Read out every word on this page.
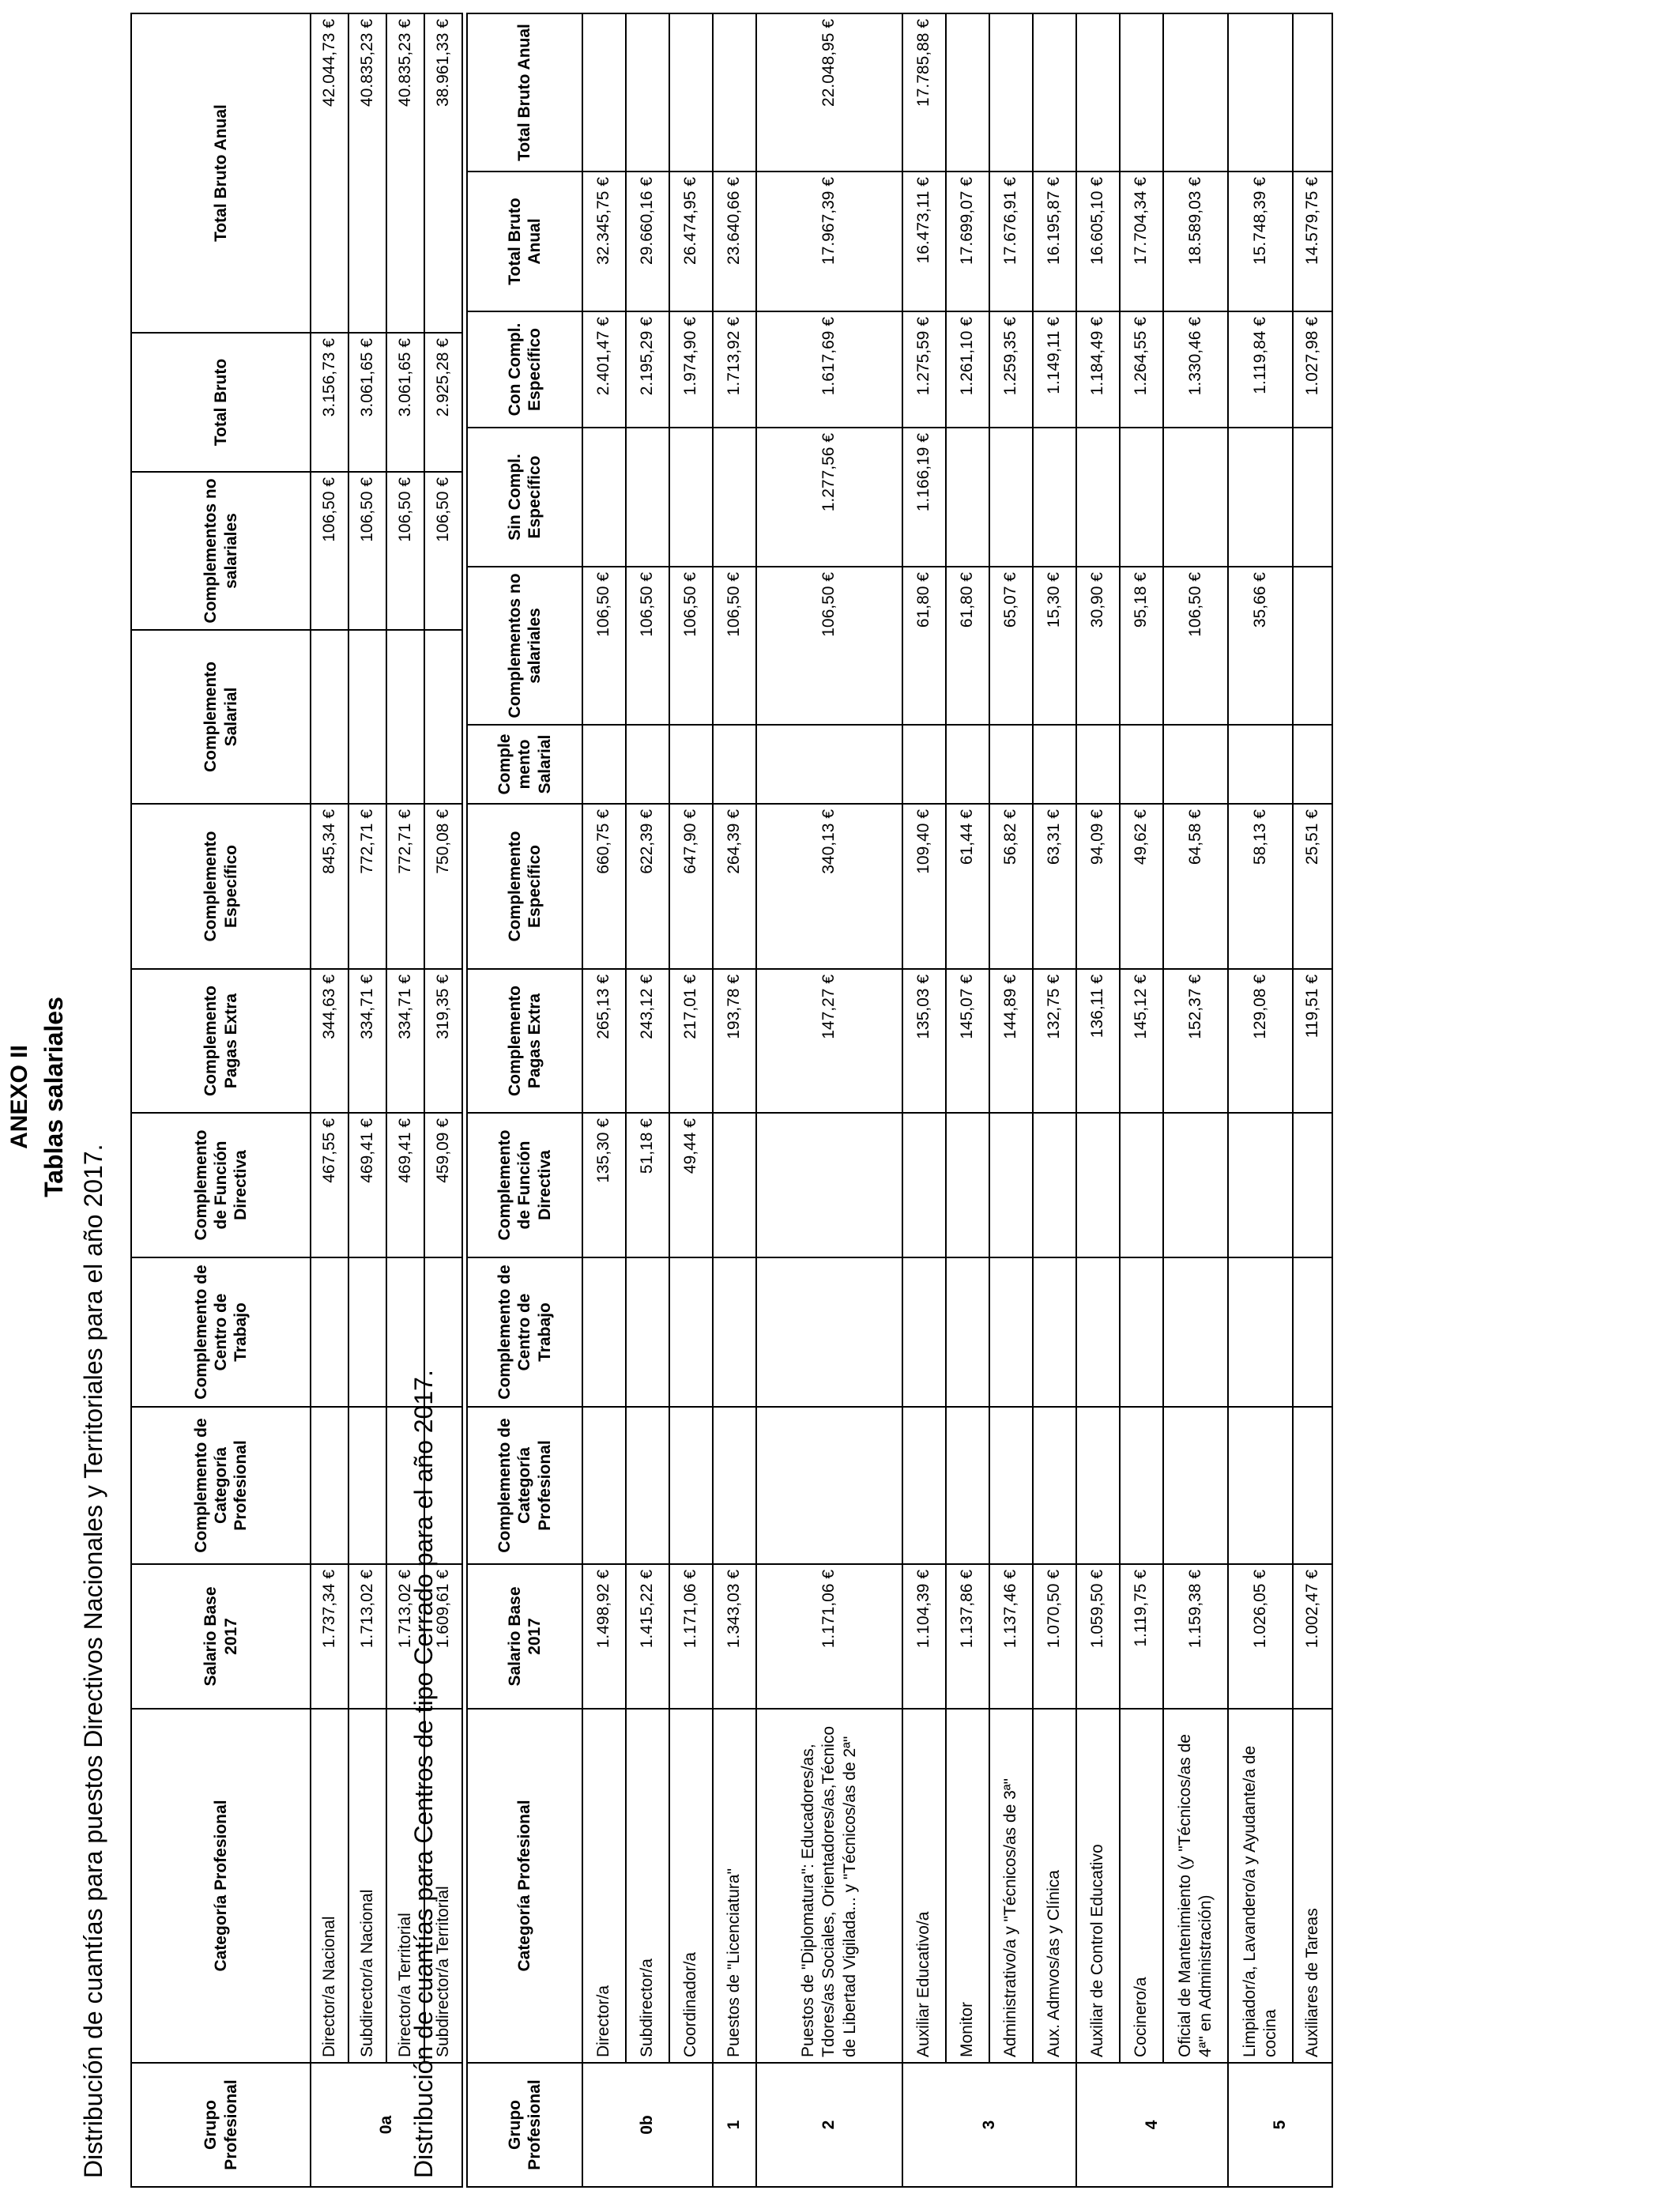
ANEXO II Tablas salariales
Distribución de cuantías para puestos Directivos Nacionales y Territoriales para el año 2017.	Grupo Profesional	Categoría Profesional	Salario Base 2017	Complemento de Categoría Profesional	Complemento de Centro de Trabajo	Complemento de Función Directiva	Complemento Pagas Extra	Complemento Específico	Complemento Salarial	Complementos no salariales	Total Bruto	Total Bruto Anual
0a	Director/a Nacional	1.737,34 €			467,55 €	344,63 €	845,34 €		106,50 €	3.156,73 €	42.044,73 €
	Subdirector/a Nacional	1.713,02 €			469,41 €	334,71 €	772,71 €		106,50 €	3.061,65 €	40.835,23 €
	Director/a Territorial	1.713,02 €			469,41 €	334,71 €	772,71 €		106,50 €	3.061,65 €	40.835,23 €
	Subdirector/a Territorial	1.609,61 €			459,09 €	319,35 €	750,08 €		106,50 €	2.925,28 €	38.961,33 €
Distribución de cuantías para Centros de tipo Cerrado para el año 2017.	Grupo Profesional	Categoría Profesional	Salario Base 2017	Complemento de Categoría Profesional	Complemento de Centro de Trabajo	Complemento de Función Directiva	Complemento Pagas Extra	Complemento Específico	Comple mento Salarial	Complementos no salariales	Sin Compl. Específico	Con Compl. Específico	Total Bruto Anual	Total Bruto Anual
0b	Director/a	1.498,92 €			135,30 €	265,13 €	660,75 €		106,50 €		2.401,47 €	32.345,75 €	
	Subdirector/a	1.415,22 €			51,18 €	243,12 €	622,39 €		106,50 €		2.195,29 €	29.660,16 €	
	Coordinador/a	1.171,06 €			49,44 €	217,01 €	647,90 €		106,50 €		1.974,90 €	26.474,95 €	
1	Puestos de "Licenciatura"	1.343,03 €				193,78 €	264,39 €		106,50 €		1.713,92 €	23.640,66 €	
2	Puestos de "Diplomatura": Educadores/as, Tdores/as Sociales, Orientadores/as,Técnico de Libertad Vigilada... y "Técnicos/as de 2ª"	1.171,06 €				147,27 €	340,13 €		106,50 €	1.277,56 €	1.617,69 €	17.967,39 €	22.048,95 €
3	Auxiliar Educativo/a	1.104,39 €				135,03 €	109,40 €		61,80 €	1.166,19 €	1.275,59 €	16.473,11 €	17.785,88 €
	Monitor	1.137,86 €				145,07 €	61,44 €		61,80 €		1.261,10 €	17.699,07 €	
	Administrativo/a y "Técnicos/as de 3ª"	1.137,46 €				144,89 €	56,82 €		65,07 €		1.259,35 €	17.676,91 €	
	Aux. Admvos/as y Clínica	1.070,50 €				132,75 €	63,31 €		15,30 €		1.149,11 €	16.195,87 €	
4	Auxiliar de Control Educativo	1.059,50 €				136,11 €	94,09 €		30,90 €		1.184,49 €	16.605,10 €	
	Cocinero/a	1.119,75 €				145,12 €	49,62 €		95,18 €		1.264,55 €	17.704,34 €	
	Oficial de Mantenimiento (y "Técnicos/as de 4ª" en Administración)	1.159,38 €				152,37 €	64,58 €		106,50 €		1.330,46 €	18.589,03 €	
5	Limpiador/a, Lavandero/a y Ayudante/a de cocina	1.026,05 €				129,08 €	58,13 €		35,66 €		1.119,84 €	15.748,39 €	
	Auxiliares de Tareas	1.002,47 €				119,51 €	25,51 €				1.027,98 €	14.579,75 €	
